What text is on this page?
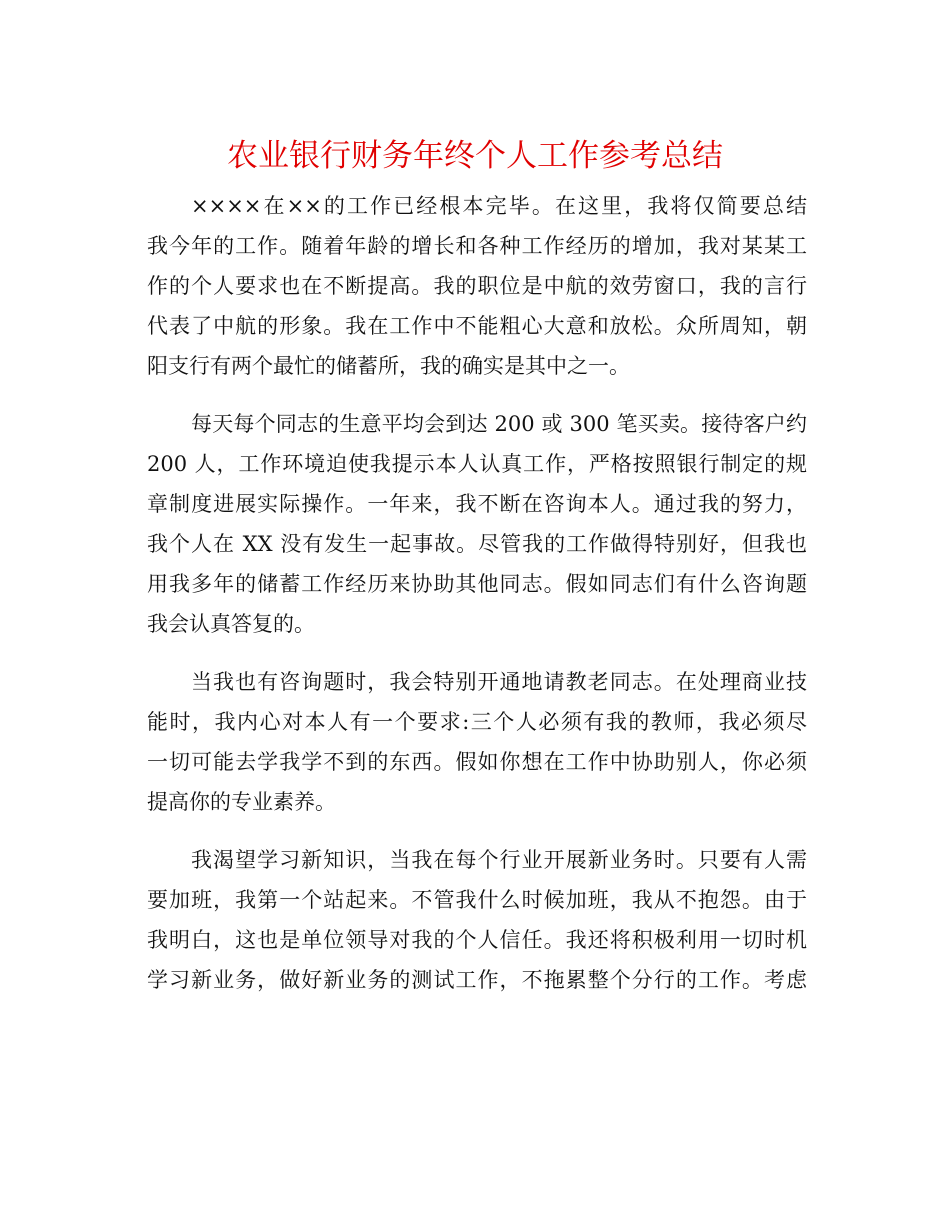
农业银行财务年终个人工作参考总结
××××在××的工作已经根本完毕。在这里，我将仅简要总结
我今年的工作。随着年龄的增长和各种工作经历的增加，我对某某工
作的个人要求也在不断提高。我的职位是中航的效劳窗口，我的言行
代表了中航的形象。我在工作中不能粗心大意和放松。众所周知，朝
阳支行有两个最忙的储蓄所，我的确实是其中之一。
每天每个同志的生意平均会到达 200 或 300 笔买卖。接待客户约
200 人，工作环境迫使我提示本人认真工作，严格按照银行制定的规
章制度进展实际操作。一年来，我不断在咨询本人。通过我的努力，
我个人在 XX 没有发生一起事故。尽管我的工作做得特别好，但我也
用我多年的储蓄工作经历来协助其他同志。假如同志们有什么咨询题
我会认真答复的。
当我也有咨询题时，我会特别开通地请教老同志。在处理商业技
能时，我内心对本人有一个要求:三个人必须有我的教师，我必须尽
一切可能去学我学不到的东西。假如你想在工作中协助别人，你必须
提高你的专业素养。
我渴望学习新知识，当我在每个行业开展新业务时。只要有人需
要加班，我第一个站起来。不管我什么时候加班，我从不抱怨。由于
我明白，这也是单位领导对我的个人信任。我还将积极利用一切时机
学习新业务，做好新业务的测试工作，不拖累整个分行的工作。考虑
